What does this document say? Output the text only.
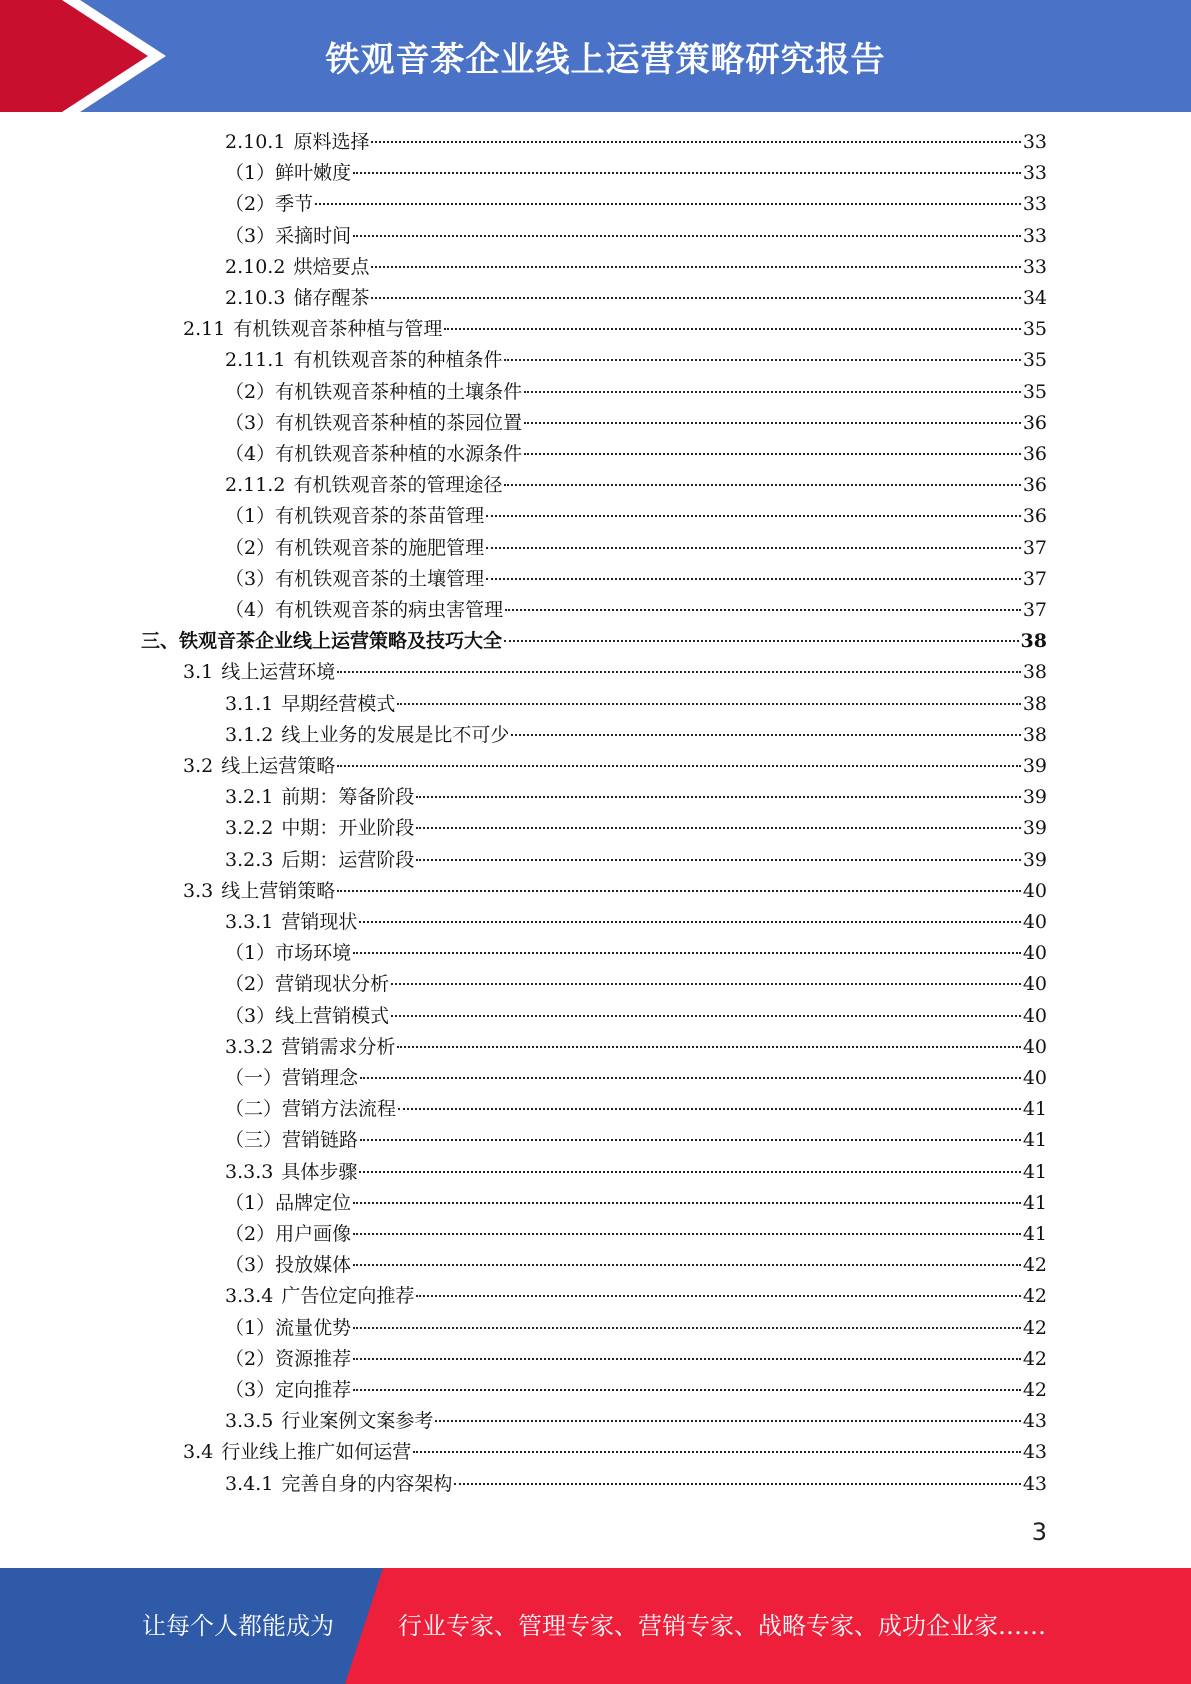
铁观音茶企业线上运营策略研究报告
2.10.1 原料选择	33
（1）鲜叶嫩度	33
（2）季节	33
（3）采摘时间	33
2.10.2 烘焙要点	33
2.10.3 储存醒茶	34
2.11 有机铁观音茶种植与管理	35
2.11.1 有机铁观音茶的种植条件	35
（2）有机铁观音茶种植的土壤条件	35
（3）有机铁观音茶种植的茶园位置	36
（4）有机铁观音茶种植的水源条件	36
2.11.2 有机铁观音茶的管理途径	36
（1）有机铁观音茶的茶苗管理	36
（2）有机铁观音茶的施肥管理	37
（3）有机铁观音茶的土壤管理	37
（4）有机铁观音茶的病虫害管理	37
三、铁观音茶企业线上运营策略及技巧大全	38
3.1 线上运营环境	38
3.1.1 早期经营模式	38
3.1.2 线上业务的发展是比不可少	38
3.2 线上运营策略	39
3.2.1 前期：筹备阶段	39
3.2.2 中期：开业阶段	39
3.2.3 后期：运营阶段	39
3.3 线上营销策略	40
3.3.1 营销现状	40
（1）市场环境	40
（2）营销现状分析	40
（3）线上营销模式	40
3.3.2 营销需求分析	40
（一）营销理念	40
（二）营销方法流程	41
（三）营销链路	41
3.3.3 具体步骤	41
（1）品牌定位	41
（2）用户画像	41
（3）投放媒体	42
3.3.4 广告位定向推荐	42
（1）流量优势	42
（2）资源推荐	42
（3）定向推荐	42
3.3.5 行业案例文案参考	43
3.4 行业线上推广如何运营	43
3.4.1 完善自身的内容架构	43
3
让每个人都能成为	行业专家、管理专家、营销专家、战略专家、成功企业家……
